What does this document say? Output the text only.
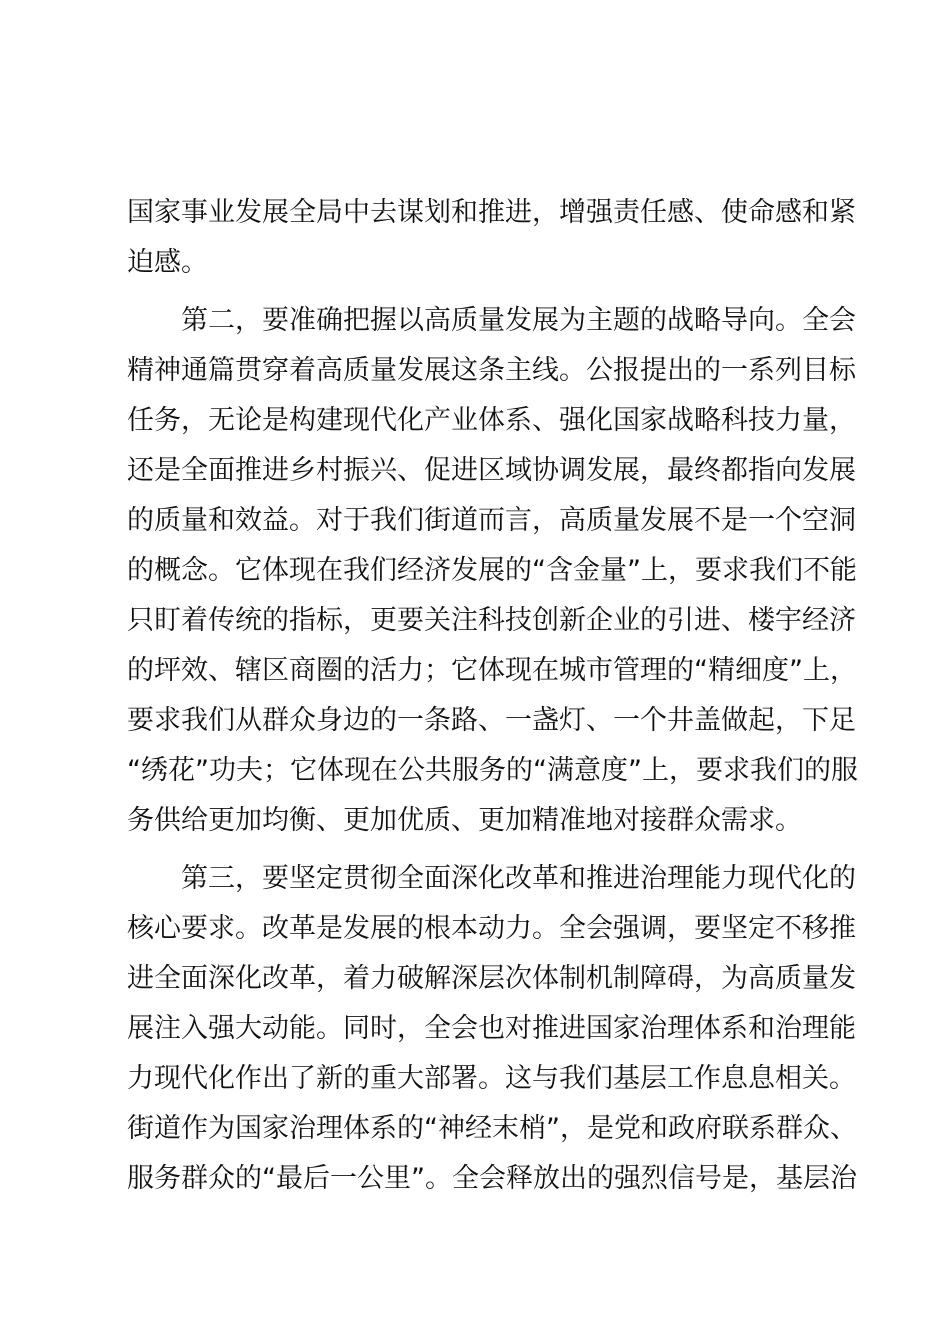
国家事业发展全局中去谋划和推进，增强责任感、使命感和紧
迫感。
第二，要准确把握以高质量发展为主题的战略导向。全会
精神通篇贯穿着高质量发展这条主线。公报提出的一系列目标
任务，无论是构建现代化产业体系、强化国家战略科技力量，
还是全面推进乡村振兴、促进区域协调发展，最终都指向发展
的质量和效益。对于我们街道而言，高质量发展不是一个空洞
的概念。它体现在我们经济发展的“含金量”上，要求我们不能
只盯着传统的指标，更要关注科技创新企业的引进、楼宇经济
的坪效、辖区商圈的活力；它体现在城市管理的“精细度”上，
要求我们从群众身边的一条路、一盏灯、一个井盖做起，下足
“绣花”功夫；它体现在公共服务的“满意度”上，要求我们的服
务供给更加均衡、更加优质、更加精准地对接群众需求。
第三，要坚定贯彻全面深化改革和推进治理能力现代化的
核心要求。改革是发展的根本动力。全会强调，要坚定不移推
进全面深化改革，着力破解深层次体制机制障碍，为高质量发
展注入强大动能。同时，全会也对推进国家治理体系和治理能
力现代化作出了新的重大部署。这与我们基层工作息息相关。
街道作为国家治理体系的“神经末梢”，是党和政府联系群众、
服务群众的“最后一公里”。全会释放出的强烈信号是，基层治
